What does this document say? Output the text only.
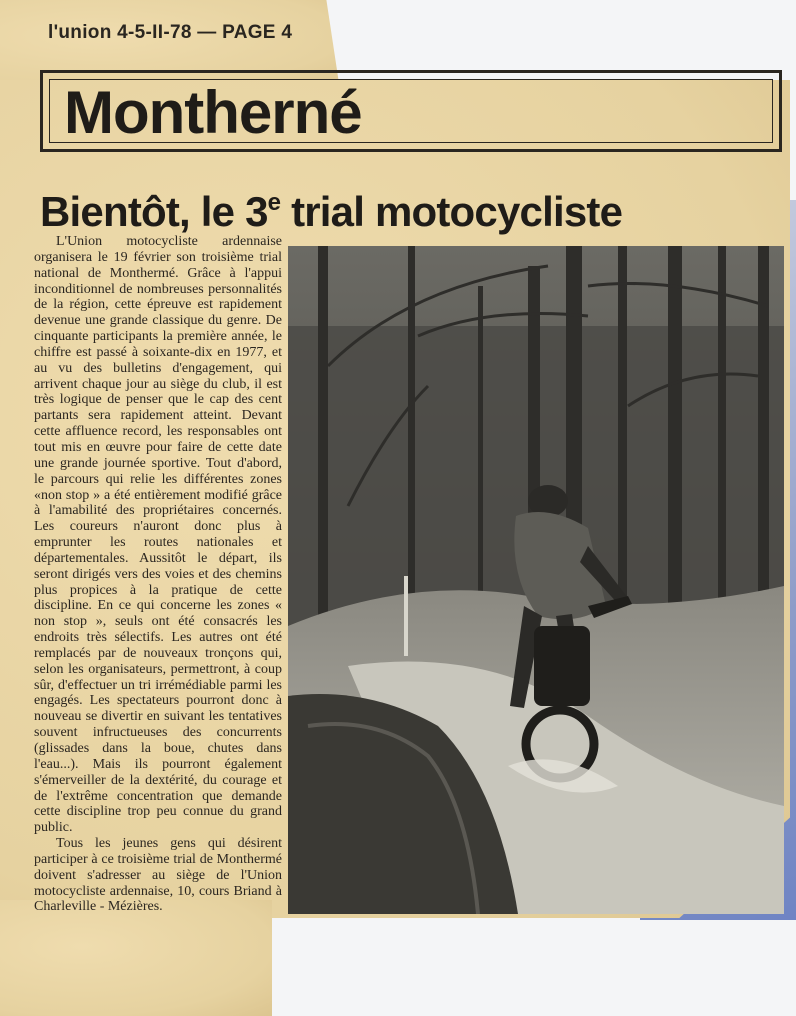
l'union 4-5-II-78 — PAGE 4
Montherné
Bientôt, le 3e trial motocycliste

L'Union motocycliste ardennaise organisera le 19 février son troisième trial national de Monthermé. Grâce à l'appui inconditionnel de nombreuses personnalités de la région, cette épreuve est rapidement devenue une grande classique du genre. De cinquante participants la première année, le chiffre est passé à soixante-dix en 1977, et au vu des bulletins d'engagement, qui arrivent chaque jour au siège du club, il est très logique de penser que le cap des cent partants sera rapidement atteint. Devant cette affluence record, les responsables ont tout mis en œuvre pour faire de cette date une grande journée sportive. Tout d'abord, le parcours qui relie les différentes zones «non stop » a été entièrement modifié grâce à l'amabilité des propriétaires concernés. Les coureurs n'auront donc plus à emprunter les routes nationales et départementales. Aussitôt le départ, ils seront dirigés vers des voies et des chemins plus propices à la pratique de cette discipline. En ce qui concerne les zones « non stop », seuls ont été consacrés les endroits très sélectifs. Les autres ont été remplacés par de nouveaux tronçons qui, selon les organisateurs, permettront, à coup sûr, d'effectuer un tri irrémédiable parmi les engagés. Les spectateurs pourront donc à nouveau se divertir en suivant les tentatives souvent infructueuses des concurrents (glissades dans la boue, chutes dans l'eau...). Mais ils pourront également s'émerveiller de la dextérité, du courage et de l'extrême concentration que demande cette discipline trop peu connue du grand public.

Tous les jeunes gens qui désirent participer à ce troisième trial de Monthermé doivent s'adresser au siège de l'Union motocycliste ardennaise, 10, cours Briand à Charleville - Mézières.
